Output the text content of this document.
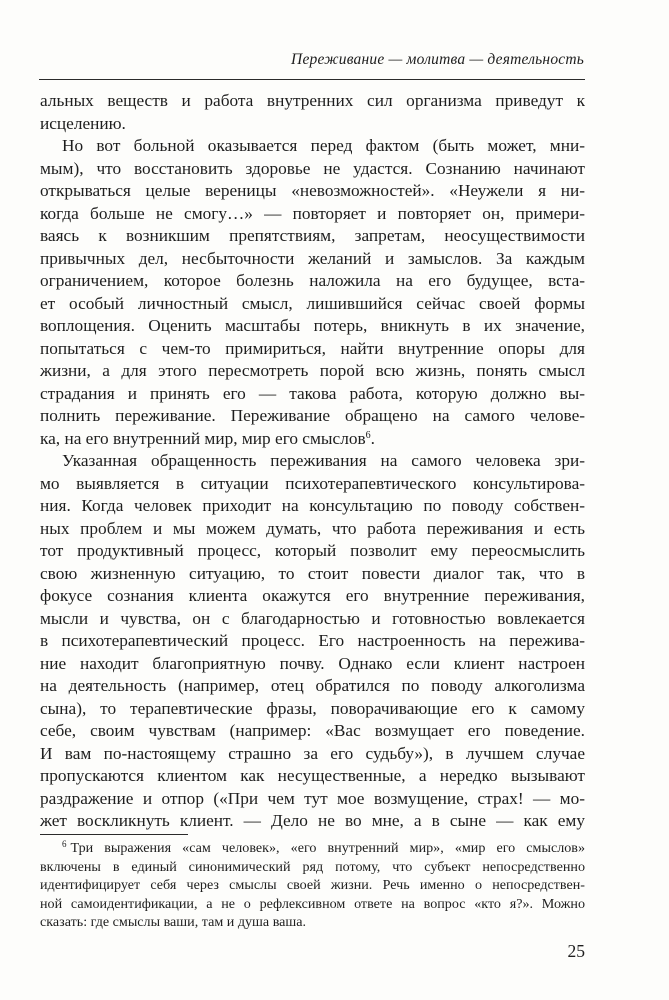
Переживание — молитва — деятельность
альных веществ и работа внутренних сил организма приведут к
исцелению.
Но вот больной оказывается перед фактом (быть может, мни-
мым), что восстановить здоровье не удастся. Сознанию начинают
открываться целые вереницы «невозможностей». «Неужели я ни-
когда больше не смогу…» — повторяет и повторяет он, примери-
ваясь к возникшим препятствиям, запретам, неосуществимости
привычных дел, несбыточности желаний и замыслов. За каждым
ограничением, которое болезнь наложила на его будущее, вста-
ет особый личностный смысл, лишившийся сейчас своей формы
воплощения. Оценить масштабы потерь, вникнуть в их значение,
попытаться с чем-то примириться, найти внутренние опоры для
жизни, а для этого пересмотреть порой всю жизнь, понять смысл
страдания и принять его — такова работа, которую должно вы-
полнить переживание. Переживание обращено на самого челове-
ка, на его внутренний мир, мир его смыслов$^6$.
Указанная обращенность переживания на самого человека зри-
мо выявляется в ситуации психотерапевтического консультирова-
ния. Когда человек приходит на консультацию по поводу собствен-
ных проблем и мы можем думать, что работа переживания и есть
тот продуктивный процесс, который позволит ему переосмыслить
свою жизненную ситуацию, то стоит повести диалог так, что в
фокусе сознания клиента окажутся его внутренние переживания,
мысли и чувства, он с благодарностью и готовностью вовлекается
в психотерапевтический процесс. Его настроенность на пережива-
ние находит благоприятную почву. Однако если клиент настроен
на деятельность (например, отец обратился по поводу алкоголизма
сына), то терапевтические фразы, поворачивающие его к самому
себе, своим чувствам (например: «Вас возмущает его поведение.
И вам по-настоящему страшно за его судьбу»), в лучшем случае
пропускаются клиентом как несущественные, а нередко вызывают
раздражение и отпор («При чем тут мое возмущение, страх! — мо-
жет воскликнуть клиент. — Дело не во мне, а в сыне — как ему
$^6$ Три выражения «сам человек», «его внутренний мир», «мир его смыслов»
включены в единый синонимический ряд потому, что субъект непосредственно
идентифицирует себя через смыслы своей жизни. Речь именно о непосредствен-
ной самоидентификации, а не о рефлексивном ответе на вопрос «кто я?». Можно
сказать: где смыслы ваши, там и душа ваша.
25
